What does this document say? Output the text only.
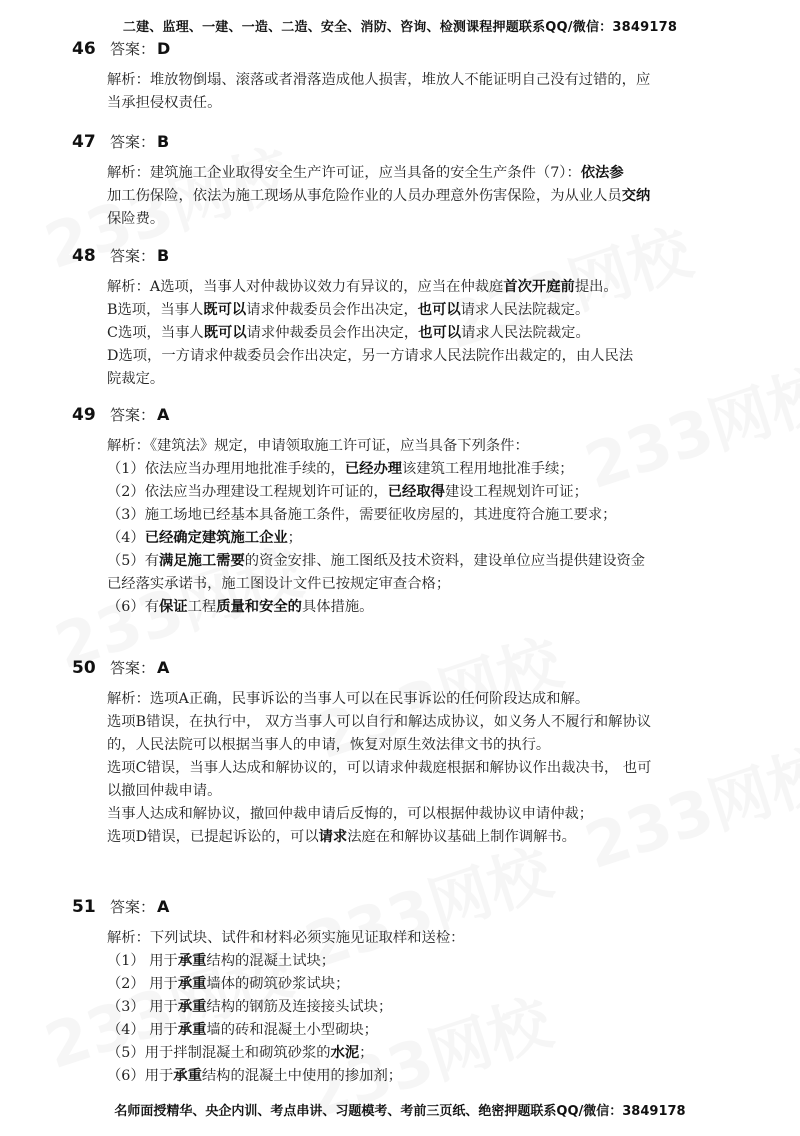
二建、监理、一建、一造、二造、安全、消防、咨询、检测课程押题联系QQ/微信：3849178
46 答案： D
解析：堆放物倒塌、滚落或者滑落造成他人损害，堆放人不能证明自己没有过错的，应
当承担侵权责任。
47 答案： B
解析：建筑施工企业取得安全生产许可证，应当具备的安全生产条件（7）：依法参
加工伤保险，依法为施工现场从事危险作业的人员办理意外伤害保险，为从业人员交纳
保险费。
48 答案： B
解析：A选项，当事人对仲裁协议效力有异议的，应当在仲裁庭首次开庭前提出。
B选项，当事人既可以请求仲裁委员会作出决定，也可以请求人民法院裁定。
C选项，当事人既可以请求仲裁委员会作出决定，也可以请求人民法院裁定。
D选项，一方请求仲裁委员会作出决定，另一方请求人民法院作出裁定的，由人民法
院裁定。
49 答案： A
解析：《建筑法》规定，申请领取施工许可证，应当具备下列条件：
（1）依法应当办理用地批准手续的，已经办理该建筑工程用地批准手续；
（2）依法应当办理建设工程规划许可证的，已经取得建设工程规划许可证；
（3）施工场地已经基本具备施工条件，需要征收房屋的，其进度符合施工要求；
（4）已经确定建筑施工企业；
（5）有满足施工需要的资金安排、施工图纸及技术资料，建设单位应当提供建设资金
已经落实承诺书，施工图设计文件已按规定审查合格；
（6）有保证工程质量和安全的具体措施。
50 答案： A
解析：选项A正确，民事诉讼的当事人可以在民事诉讼的任何阶段达成和解。
选项B错误，在执行中， 双方当事人可以自行和解达成协议，如义务人不履行和解协议
的，人民法院可以根据当事人的申请，恢复对原生效法律文书的执行。
选项C错误，当事人达成和解协议的，可以请求仲裁庭根据和解协议作出裁决书， 也可
以撤回仲裁申请。
当事人达成和解协议，撤回仲裁申请后反悔的，可以根据仲裁协议申请仲裁；
选项D错误，已提起诉讼的，可以请求法庭在和解协议基础上制作调解书。
51 答案： A
解析：下列试块、试件和材料必须实施见证取样和送检：
（1） 用于承重结构的混凝土试块；
（2） 用于承重墙体的砌筑砂浆试块；
（3） 用于承重结构的钢筋及连接接头试块；
（4） 用于承重墙的砖和混凝土小型砌块；
（5）用于拌制混凝土和砌筑砂浆的水泥；
（6）用于承重结构的混凝土中使用的掺加剂；
名师面授精华、央企内训、考点串讲、习题模考、考前三页纸、绝密押题联系QQ/微信：3849178
